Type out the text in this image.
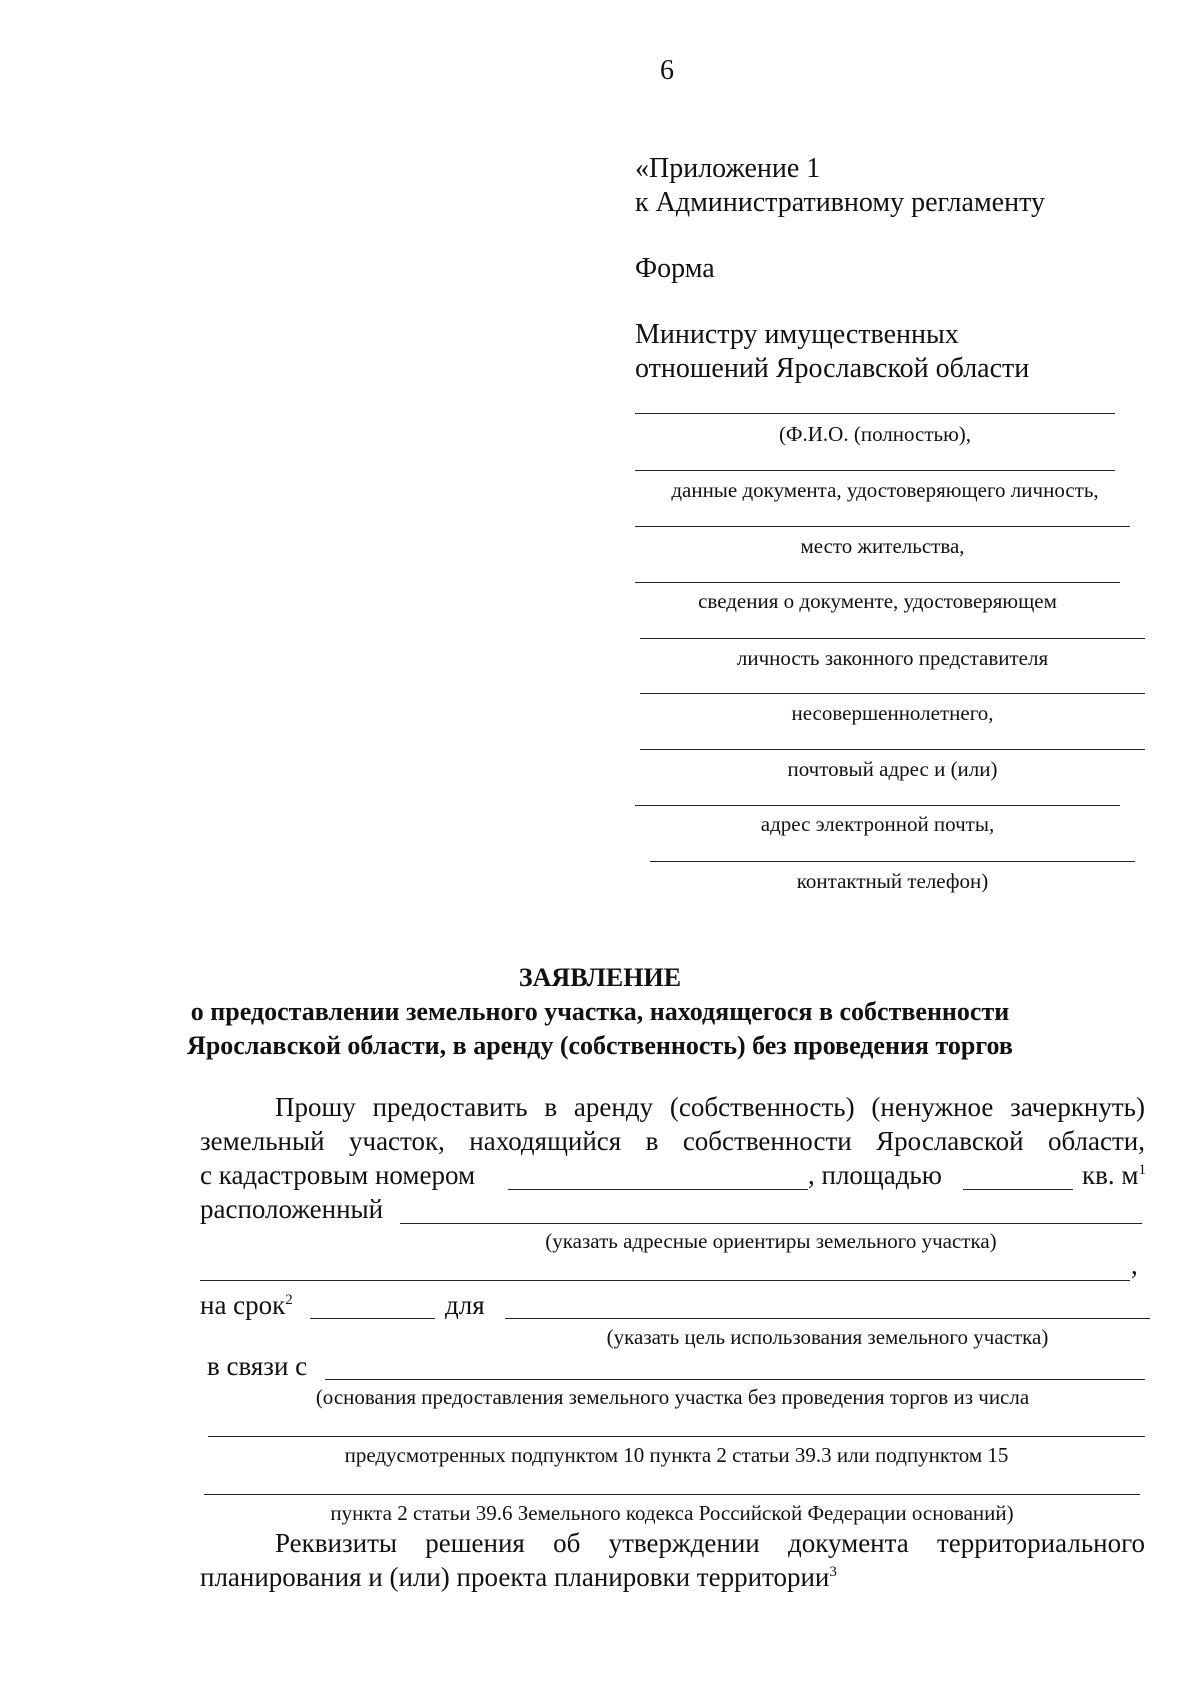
6
«Приложение 1
к Административному регламенту
Форма
Министру имущественных
отношений Ярославской области
(Ф.И.О. (полностью),
данные документа, удостоверяющего личность,
место жительства,
сведения о документе, удостоверяющем
личность законного представителя
несовершеннолетнего,
почтовый адрес и (или)
адрес электронной почты,
контактный телефон)
ЗАЯВЛЕНИЕ
о предоставлении земельного участка, находящегося в собственности
Ярославской области, в аренду (собственность) без проведения торгов
Прошу предоставить в аренду (собственность) (ненужное зачеркнуть)
земельный участок, находящийся в собственности Ярославской области,
с кадастровым номером	, площадью	кв. $м^1$
расположенный
(указать адресные ориентиры земельного участка)
,
на срок$^2$	для
(указать цель использования земельного участка)
в связи с
(основания предоставления земельного участка без проведения торгов из числа
предусмотренных подпунктом 10 пункта 2 статьи 39.3 или подпунктом 15
пункта 2 статьи 39.6 Земельного кодекса Российской Федерации оснований)
Реквизиты решения об утверждении документа территориального
планирования и (или) проекта планировки территории$^3$
